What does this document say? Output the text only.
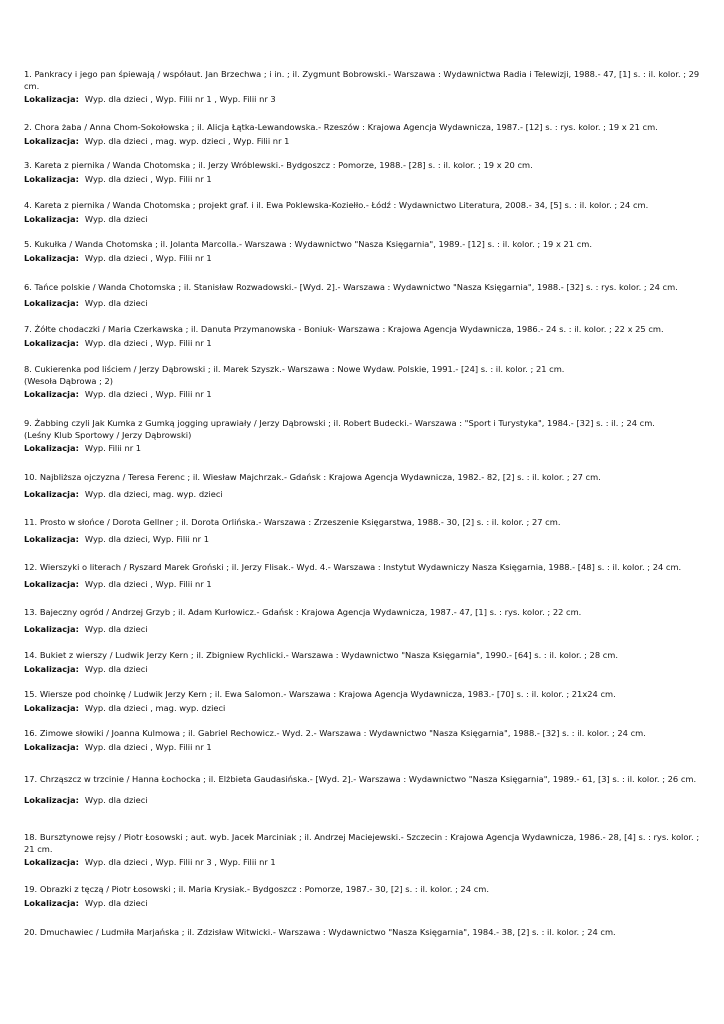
1. Pankracy i jego pan śpiewają / współaut. Jan Brzechwa ; i in. ; il. Zygmunt Bobrowski.- Warszawa : Wydawnictwa Radia i Telewizji, 1988.- 47, [1] s. : il. kolor. ; 29 cm.

Lokalizacja: Wyp. dla dzieci , Wyp. Filii nr 1 , Wyp. Filii nr 3

2. Chora żaba / Anna Chom-Sokołowska ; il. Alicja Łątka-Lewandowska.- Rzeszów : Krajowa Agencja Wydawnicza, 1987.- [12] s. : rys. kolor. ; 19 x 21 cm.

Lokalizacja: Wyp. dla dzieci , mag. wyp. dzieci , Wyp. Filii nr 1

3. Kareta z piernika / Wanda Chotomska ; il. Jerzy Wróblewski.- Bydgoszcz : Pomorze, 1988.- [28] s. : il. kolor. ; 19 x 20 cm.

Lokalizacja: Wyp. dla dzieci , Wyp. Filii nr 1

4. Kareta z piernika / Wanda Chotomska ; projekt graf. i il. Ewa Poklewska-Koziełło.- Łódź : Wydawnictwo Literatura, 2008.- 34, [5] s. : il. kolor. ; 24 cm.

Lokalizacja: Wyp. dla dzieci

5. Kukułka / Wanda Chotomska ; il. Jolanta Marcolla.- Warszawa : Wydawnictwo "Nasza Księgarnia", 1989.- [12] s. : il. kolor. ; 19 x 21 cm.

Lokalizacja: Wyp. dla dzieci , Wyp. Filii nr 1

6. Tańce polskie / Wanda Chotomska ; il. Stanisław Rozwadowski.- [Wyd. 2].- Warszawa : Wydawnictwo "Nasza Księgarnia", 1988.- [32] s. : rys. kolor. ; 24 cm.

Lokalizacja: Wyp. dla dzieci

7. Żółte chodaczki / Maria Czerkawska ; il. Danuta Przymanowska - Boniuk- Warszawa : Krajowa Agencja Wydawnicza, 1986.- 24 s. : il. kolor. ; 22 x 25 cm.

Lokalizacja: Wyp. dla dzieci , Wyp. Filii nr 1

8. Cukierenka pod liściem / Jerzy Dąbrowski ; il. Marek Szyszk.- Warszawa : Nowe Wydaw. Polskie, 1991.- [24] s. : il. kolor. ; 21 cm.

(Wesoła Dąbrowa ; 2)

Lokalizacja: Wyp. dla dzieci , Wyp. Filii nr 1

9. Żabbing czyli Jak Kumka z Gumką jogging uprawiały / Jerzy Dąbrowski ; il. Robert Budecki.- Warszawa : "Sport i Turystyka", 1984.- [32] s. : il. ; 24 cm.

(Leśny Klub Sportowy / Jerzy Dąbrowski)

Lokalizacja: Wyp. Filii nr 1

10. Najbliższa ojczyzna / Teresa Ferenc ; il. Wiesław Majchrzak.- Gdańsk : Krajowa Agencja Wydawnicza, 1982.- 82, [2] s. : il. kolor. ; 27 cm.

Lokalizacja: Wyp. dla dzieci, mag. wyp. dzieci

11. Prosto w słońce / Dorota Gellner ; il. Dorota Orlińska.- Warszawa : Zrzeszenie Księgarstwa, 1988.- 30, [2] s. : il. kolor. ; 27 cm.

Lokalizacja: Wyp. dla dzieci, Wyp. Filii nr 1

12. Wierszyki o literach / Ryszard Marek Groński ; il. Jerzy Flisak.- Wyd. 4.- Warszawa : Instytut Wydawniczy Nasza Księgarnia, 1988.- [48] s. : il. kolor. ; 24 cm.

Lokalizacja: Wyp. dla dzieci , Wyp. Filii nr 1

13. Bajeczny ogród / Andrzej Grzyb ; il. Adam Kurłowicz.- Gdańsk : Krajowa Agencja Wydawnicza, 1987.- 47, [1] s. : rys. kolor. ; 22 cm.

Lokalizacja: Wyp. dla dzieci

14. Bukiet z wierszy / Ludwik Jerzy Kern ; il. Zbigniew Rychlicki.- Warszawa : Wydawnictwo "Nasza Księgarnia", 1990.- [64] s. : il. kolor. ; 28 cm.

Lokalizacja: Wyp. dla dzieci

15. Wiersze pod choinkę / Ludwik Jerzy Kern ; il. Ewa Salomon.- Warszawa : Krajowa Agencja Wydawnicza, 1983.- [70] s. : il. kolor. ; 21x24 cm.

Lokalizacja: Wyp. dla dzieci , mag. wyp. dzieci

16. Zimowe słowiki / Joanna Kulmowa ; il. Gabriel Rechowicz.- Wyd. 2.- Warszawa : Wydawnictwo "Nasza Księgarnia", 1988.- [32] s. : il. kolor. ; 24 cm.

Lokalizacja: Wyp. dla dzieci , Wyp. Filii nr 1

17. Chrząszcz w trzcinie / Hanna Łochocka ; il. Elżbieta Gaudasińska.- [Wyd. 2].- Warszawa : Wydawnictwo "Nasza Księgarnia", 1989.- 61, [3] s. : il. kolor. ; 26 cm.

Lokalizacja: Wyp. dla dzieci

18. Bursztynowe rejsy / Piotr Łosowski ; aut. wyb. Jacek Marciniak ; il. Andrzej Maciejewski.- Szczecin : Krajowa Agencja Wydawnicza, 1986.- 28, [4] s. : rys. kolor. ; 21 cm.

Lokalizacja: Wyp. dla dzieci , Wyp. Filii nr 3 , Wyp. Filii nr 1

19. Obrazki z tęczą / Piotr Łosowski ; il. Maria Krysiak.- Bydgoszcz : Pomorze, 1987.- 30, [2] s. : il. kolor. ; 24 cm.

Lokalizacja: Wyp. dla dzieci

20. Dmuchawiec / Ludmiła Marjańska ; il. Zdzisław Witwicki.- Warszawa : Wydawnictwo "Nasza Księgarnia", 1984.- 38, [2] s. : il. kolor. ; 24 cm.
